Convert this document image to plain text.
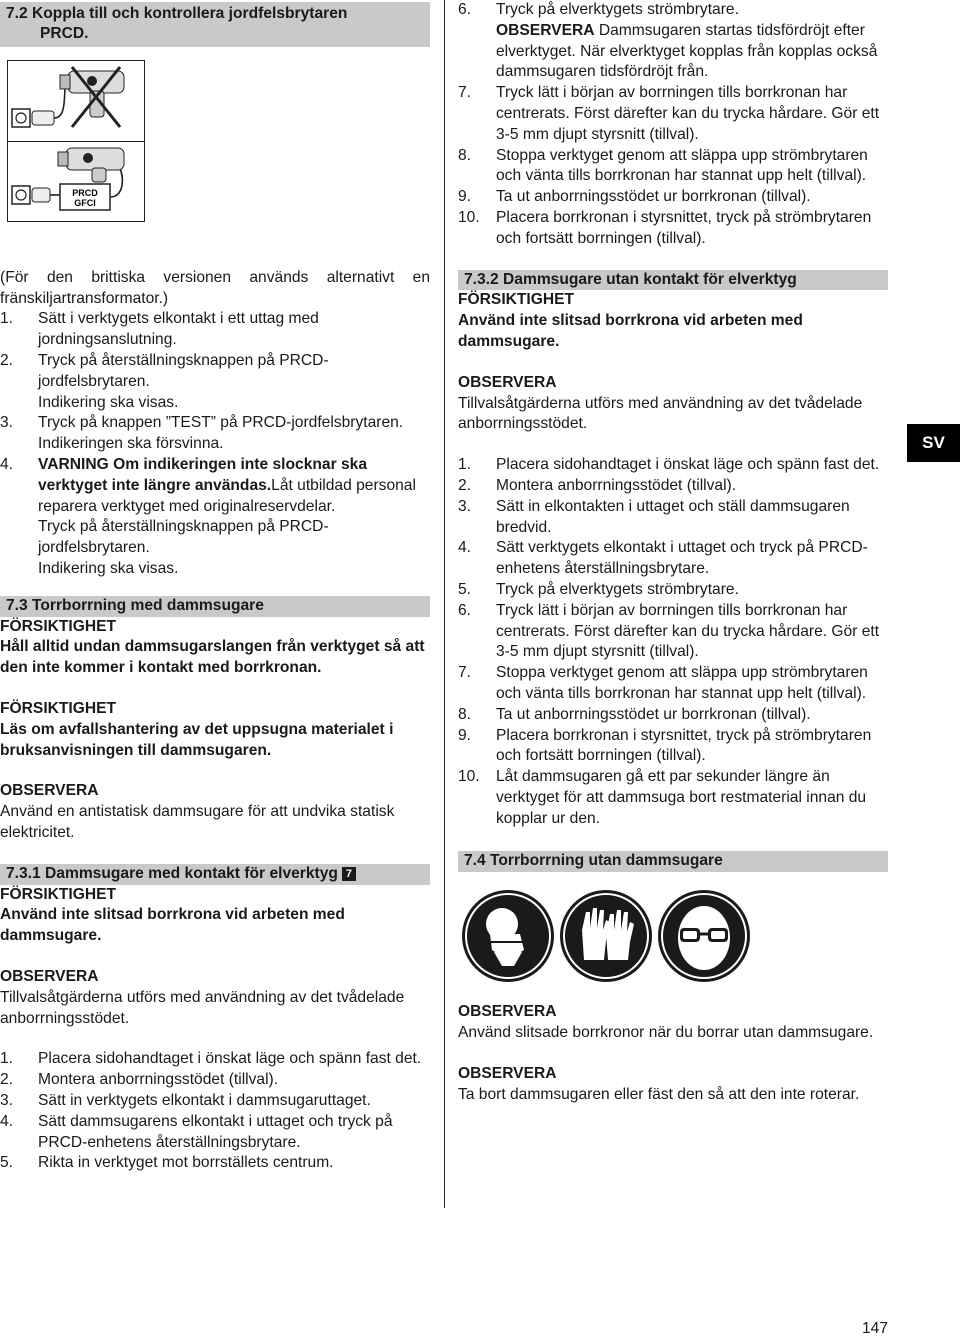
7.2 Koppla till och kontrollera jordfelsbrytaren
PRCD.
PRCD
GFCI

(För den brittiska versionen används alternativt en fränskiljartransformator.)

1. Sätt i verktygets elkontakt i ett uttag med jordningsanslutning.
2. Tryck på återställningsknappen på PRCD-jordfelsbrytaren.
Indikering ska visas.
3. Tryck på knappen ”TEST” på PRCD-jordfelsbrytaren.
Indikeringen ska försvinna.
4. VARNING Om indikeringen inte slocknar ska verktyget inte längre användas.Låt utbildad personal reparera verktyget med originalreservdelar.
Tryck på återställningsknappen på PRCD-jordfelsbrytaren.
Indikering ska visas.
7.3 Torrborrning med dammsugare
FÖRSIKTIGHET

Håll alltid undan dammsugarslangen från verktyget så att den inte kommer i kontakt med borrkronan.

FÖRSIKTIGHET

Läs om avfallshantering av det uppsugna materialet i bruksanvisningen till dammsugaren.

OBSERVERA

Använd en antistatisk dammsugare för att undvika statisk elektricitet.

7.3.1 Dammsugare med kontakt för elverktyg 7
FÖRSIKTIGHET

Använd inte slitsad borrkrona vid arbeten med dammsugare.

OBSERVERA

Tillvalsåtgärderna utförs med användning av det tvådelade anborrningsstödet.

1. Placera sidohandtaget i önskat läge och spänn fast det.
2. Montera anborrningsstödet (tillval).
3. Sätt in verktygets elkontakt i dammsugaruttaget.
4. Sätt dammsugarens elkontakt i uttaget och tryck på PRCD-enhetens återställningsbrytare.
5. Rikta in verktyget mot borrställets centrum.
6. Tryck på elverktygets strömbrytare.
OBSERVERA Dammsugaren startas tidsfördröjt efter elverktyget. När elverktyget kopplas från kopplas också dammsugaren tidsfördröjt från.
7. Tryck lätt i början av borrningen tills borrkronan har centrerats. Först därefter kan du trycka hårdare. Gör ett 3-5 mm djupt styrsnitt (tillval).
8. Stoppa verktyget genom att släppa upp strömbrytaren och vänta tills borrkronan har stannat upp helt (tillval).
9. Ta ut anborrningsstödet ur borrkronan (tillval).
10. Placera borrkronan i styrsnittet, tryck på strömbrytaren och fortsätt borrningen (tillval).
7.3.2 Dammsugare utan kontakt för elverktyg
FÖRSIKTIGHET

Använd inte slitsad borrkrona vid arbeten med dammsugare.

OBSERVERA

Tillvalsåtgärderna utförs med användning av det tvådelade anborrningsstödet.

1. Placera sidohandtaget i önskat läge och spänn fast det.
2. Montera anborrningsstödet (tillval).
3. Sätt in elkontakten i uttaget och ställ dammsugaren bredvid.
4. Sätt verktygets elkontakt i uttaget och tryck på PRCD-enhetens återställningsbrytare.
5. Tryck på elverktygets strömbrytare.
6. Tryck lätt i början av borrningen tills borrkronan har centrerats. Först därefter kan du trycka hårdare. Gör ett 3-5 mm djupt styrsnitt (tillval).
7. Stoppa verktyget genom att släppa upp strömbrytaren och vänta tills borrkronan har stannat upp helt (tillval).
8. Ta ut anborrningsstödet ur borrkronan (tillval).
9. Placera borrkronan i styrsnittet, tryck på strömbrytaren och fortsätt borrningen (tillval).
10. Låt dammsugaren gå ett par sekunder längre än verktyget för att dammsuga bort restmaterial innan du kopplar ur den.
7.4 Torrborrning utan dammsugare
OBSERVERA

Använd slitsade borrkronor när du borrar utan dammsugare.

OBSERVERA

Ta bort dammsugaren eller fäst den så att den inte roterar.

SV
147
